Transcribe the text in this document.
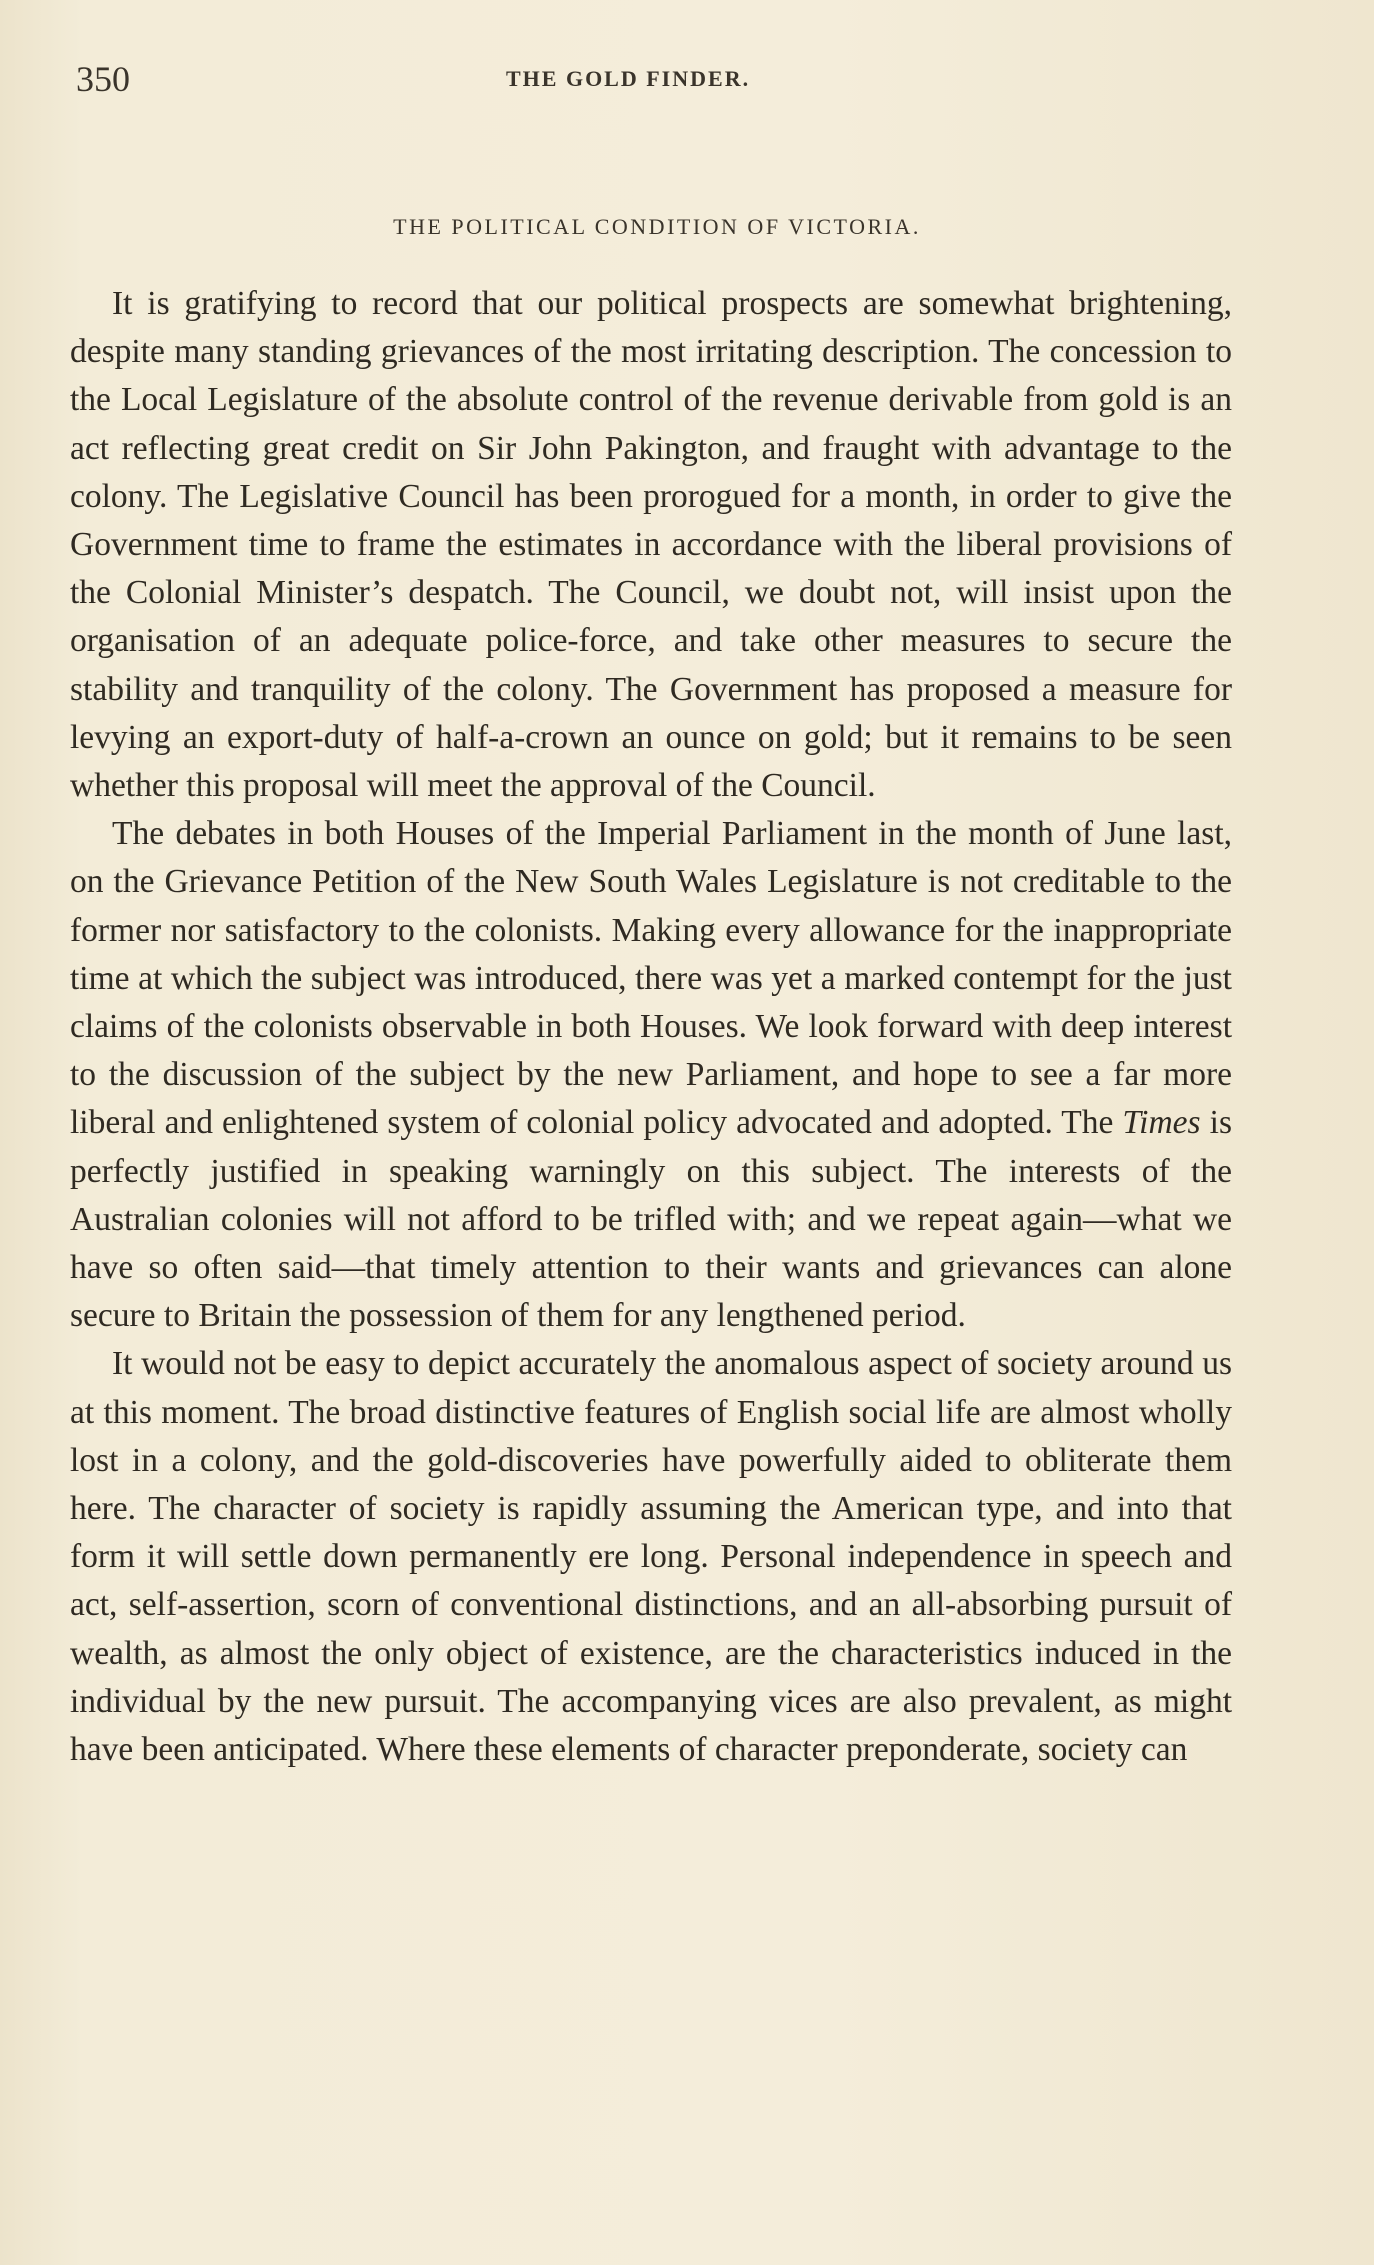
350	THE GOLD FINDER.
THE POLITICAL CONDITION OF VICTORIA.

It is gratifying to record that our political prospects are somewhat brightening, despite many standing grievances of the most irritating description. The concession to the Local Legislature of the absolute control of the revenue derivable from gold is an act reflecting great credit on Sir John Pakington, and fraught with advantage to the colony. The Legislative Council has been prorogued for a month, in order to give the Government time to frame the estimates in accordance with the liberal provisions of the Colonial Minister’s despatch. The Council, we doubt not, will insist upon the organisation of an adequate police-force, and take other measures to secure the stability and tranquility of the colony. The Government has proposed a measure for levying an export-duty of half-a-crown an ounce on gold; but it remains to be seen whether this proposal will meet the approval of the Council.

The debates in both Houses of the Imperial Parliament in the month of June last, on the Grievance Petition of the New South Wales Legislature is not creditable to the former nor satisfactory to the colonists. Making every allowance for the inappropriate time at which the subject was introduced, there was yet a marked contempt for the just claims of the colonists observable in both Houses. We look forward with deep interest to the discussion of the subject by the new Parliament, and hope to see a far more liberal and enlightened system of colonial policy advocated and adopted. The Times is perfectly justified in speaking warningly on this subject. The interests of the Australian colonies will not afford to be trifled with; and we repeat again—what we have so often said—that timely attention to their wants and grievances can alone secure to Britain the possession of them for any lengthened period.

It would not be easy to depict accurately the anomalous aspect of society around us at this moment. The broad distinctive features of English social life are almost wholly lost in a colony, and the gold-discoveries have powerfully aided to obliterate them here. The character of society is rapidly assuming the American type, and into that form it will settle down permanently ere long. Personal independence in speech and act, self-assertion, scorn of conventional distinctions, and an all-absorbing pursuit of wealth, as almost the only object of existence, are the characteristics induced in the individual by the new pursuit. The accompanying vices are also prevalent, as might have been anticipated. Where these elements of character preponderate, society can
